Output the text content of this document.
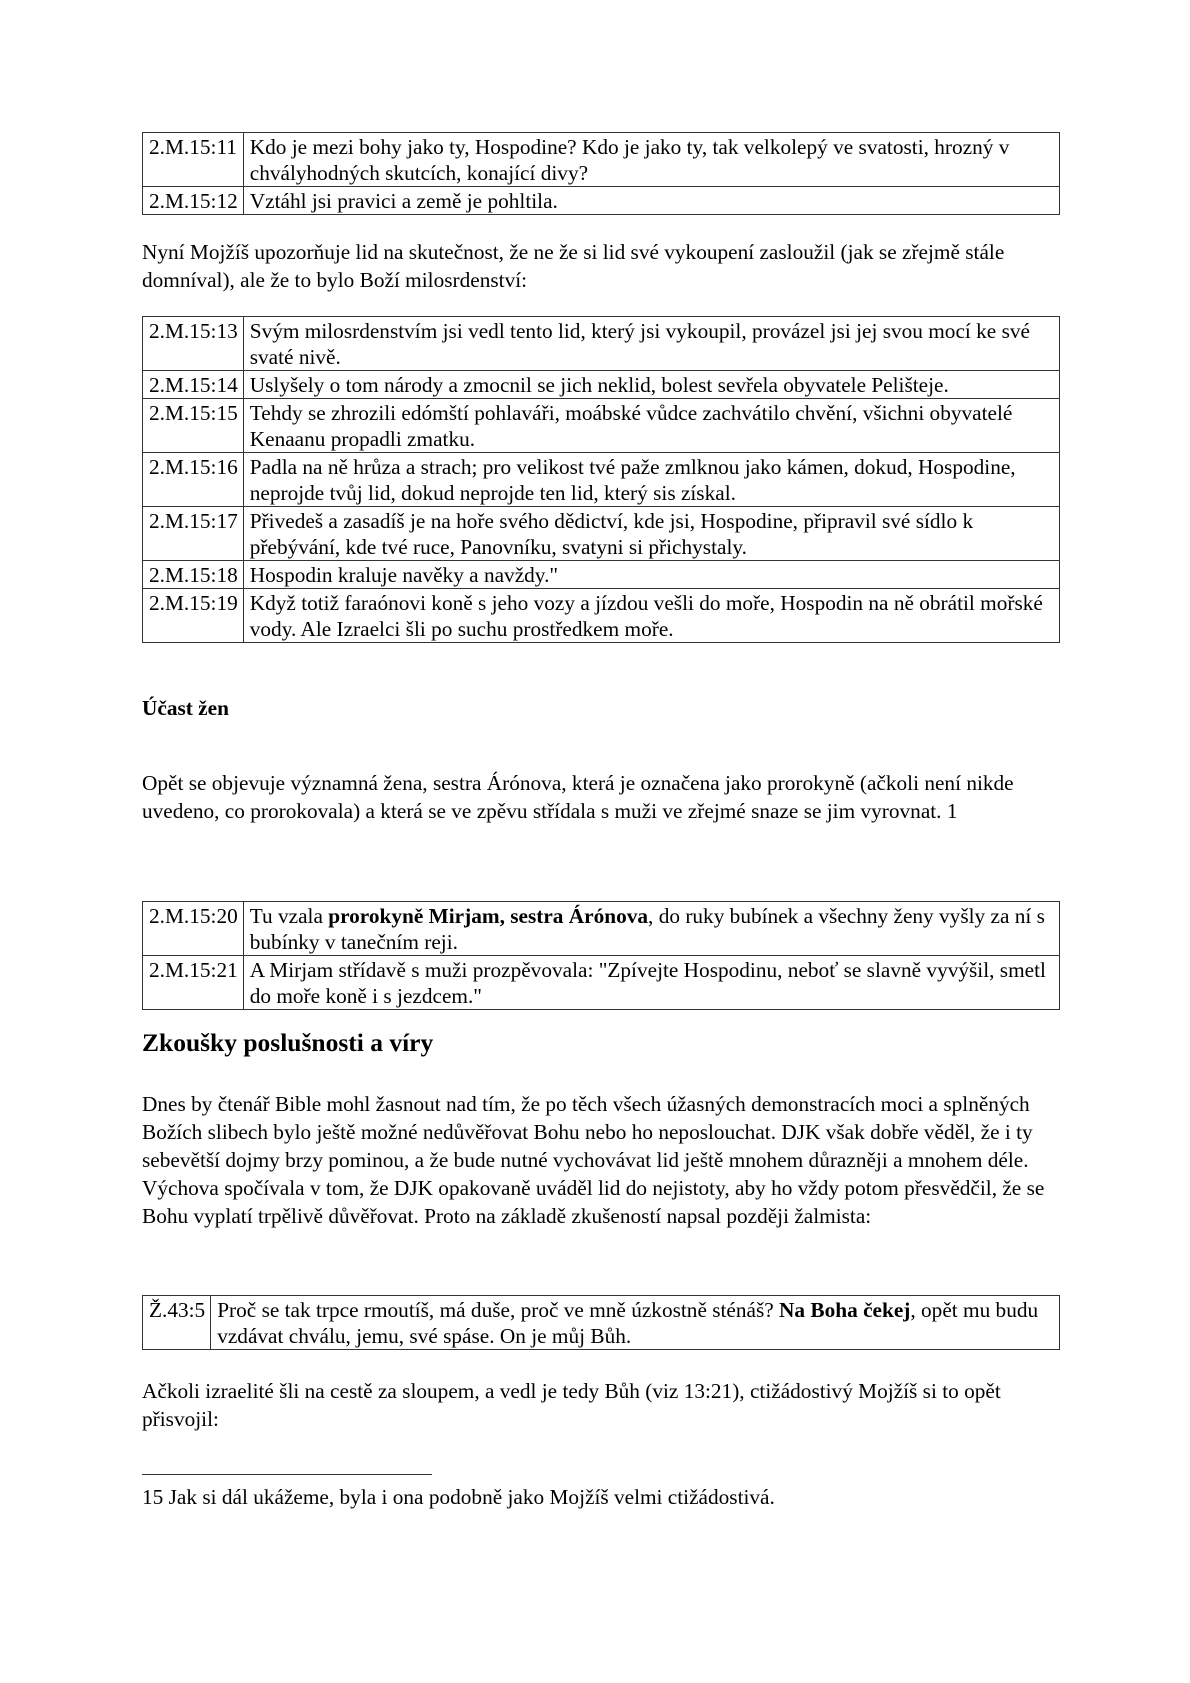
2.M.15:11	Kdo je mezi bohy jako ty, Hospodine? Kdo je jako ty, tak velkolepý ve svatosti, hrozný v chvályhodných skutcích, konající divy?
2.M.15:12	Vztáhl jsi pravici a země je pohltila.

Nyní Mojžíš upozorňuje lid na skutečnost, že ne že si lid své vykoupení zasloužil (jak se zřejmě stále domníval), ale že to bylo Boží milosrdenství:

2.M.15:13	Svým milosrdenstvím jsi vedl tento lid, který jsi vykoupil, provázel jsi jej svou mocí ke své svaté nivě.
2.M.15:14	Uslyšely o tom národy a zmocnil se jich neklid, bolest sevřela obyvatele Pelišteje.
2.M.15:15	Tehdy se zhrozili edómští pohlaváři, moábské vůdce zachvátilo chvění, všichni obyvatelé Kenaanu propadli zmatku.
2.M.15:16	Padla na ně hrůza a strach; pro velikost tvé paže zmlknou jako kámen, dokud, Hospodine, neprojde tvůj lid, dokud neprojde ten lid, který sis získal.
2.M.15:17	Přivedeš a zasadíš je na hoře svého dědictví, kde jsi, Hospodine, připravil své sídlo k přebývání, kde tvé ruce, Panovníku, svatyni si přichystaly.
2.M.15:18	Hospodin kraluje navěky a navždy."
2.M.15:19	Když totiž faraónovi koně s jeho vozy a jízdou vešli do moře, Hospodin na ně obrátil mořské vody. Ale Izraelci šli po suchu prostředkem moře.
Účast žen

Opět se objevuje významná žena, sestra Árónova, která je označena jako prorokyně (ačkoli není nikde uvedeno, co prorokovala) a která se ve zpěvu střídala s muži ve zřejmé snaze se jim vyrovnat. 1

2.M.15:20	Tu vzala prorokyně Mirjam, sestra Árónova, do ruky bubínek a všechny ženy vyšly za ní s bubínky v tanečním reji.
2.M.15:21	A Mirjam střídavě s muži prozpěvovala: "Zpívejte Hospodinu, neboť se slavně vyvýšil, smetl do moře koně i s jezdcem."
Zkoušky poslušnosti a víry

Dnes by čtenář Bible mohl žasnout nad tím, že po těch všech úžasných demonstracích moci a splněných Božích slibech bylo ještě možné nedůvěřovat Bohu nebo ho neposlouchat. DJK však dobře věděl, že i ty sebevětší dojmy brzy pominou, a že bude nutné vychovávat lid ještě mnohem důrazněji a mnohem déle. Výchova spočívala v tom, že DJK opakovaně uváděl lid do nejistoty, aby ho vždy potom přesvědčil, že se Bohu vyplatí trpělivě důvěřovat. Proto na základě zkušeností napsal později žalmista:

Ž.43:5	Proč se tak trpce rmoutíš, má duše, proč ve mně úzkostně sténáš? Na Boha čekej, opět mu budu vzdávat chválu, jemu, své spáse. On je můj Bůh.

Ačkoli izraelité šli na cestě za sloupem, a vedl je tedy Bůh (viz 13:21), ctižádostivý Mojžíš si to opět přisvojil:

15 Jak si dál ukážeme, byla i ona podobně jako Mojžíš velmi ctižádostivá.
